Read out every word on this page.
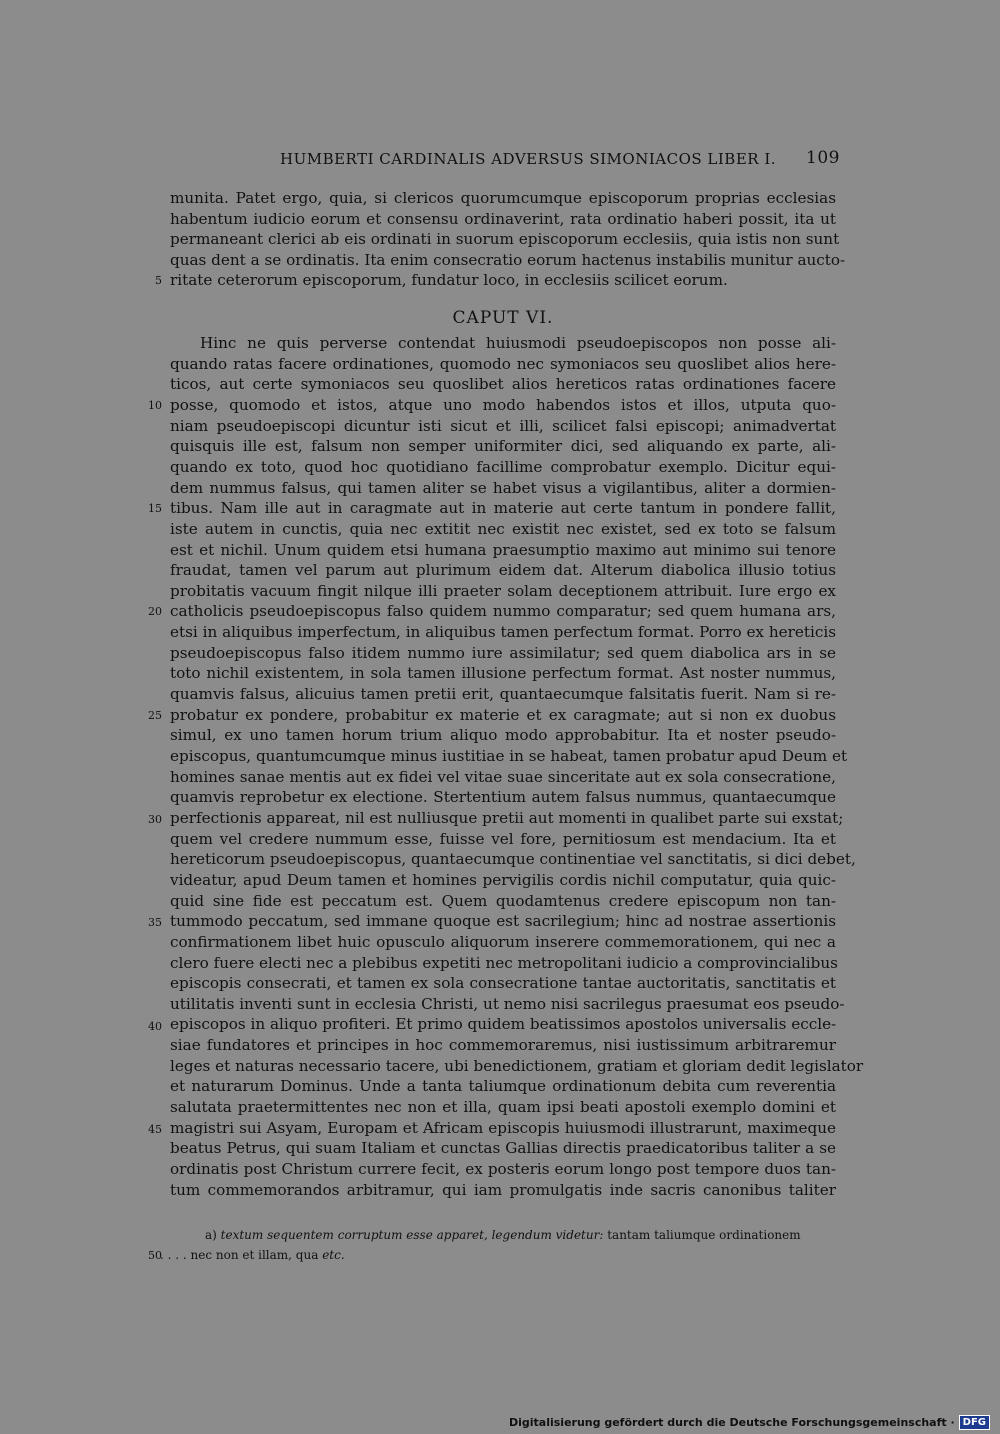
HUMBERTI CARDINALIS ADVERSUS SIMONIACOS LIBER I. 109
munita. Patet ergo, quia, si clericos quorumcumque episcoporum proprias ecclesias
habentum iudicio eorum et consensu ordinaverint, rata ordinatio haberi possit, ita ut
permaneant clerici ab eis ordinati in suorum episcoporum ecclesiis, quia istis non sunt
quas dent a se ordinatis. Ita enim consecratio eorum hactenus instabilis munitur aucto-
ritate ceterorum episcoporum, fundatur loco, in ecclesiis scilicet eorum.
CAPUT VI.
Hinc ne quis perverse contendat huiusmodi pseudoepiscopos non posse ali-
quando ratas facere ordinationes, quomodo nec symoniacos seu quoslibet alios here-
ticos, aut certe symoniacos seu quoslibet alios hereticos ratas ordinationes facere
posse, quomodo et istos, atque uno modo habendos istos et illos, utputa quo-
niam pseudoepiscopi dicuntur isti sicut et illi, scilicet falsi episcopi; animadvertat
quisquis ille est, falsum non semper uniformiter dici, sed aliquando ex parte, ali-
quando ex toto, quod hoc quotidiano facillime comprobatur exemplo. Dicitur equi-
dem nummus falsus, qui tamen aliter se habet visus a vigilantibus, aliter a dormien-
tibus. Nam ille aut in caragmate aut in materie aut certe tantum in pondere fallit,
iste autem in cunctis, quia nec extitit nec existit nec existet, sed ex toto se falsum
est et nichil. Unum quidem etsi humana praesumptio maximo aut minimo sui tenore
fraudat, tamen vel parum aut plurimum eidem dat. Alterum diabolica illusio totius
probitatis vacuum fingit nilque illi praeter solam deceptionem attribuit. Iure ergo ex
catholicis pseudoepiscopus falso quidem nummo comparatur; sed quem humana ars,
etsi in aliquibus imperfectum, in aliquibus tamen perfectum format. Porro ex hereticis
pseudoepiscopus falso itidem nummo iure assimilatur; sed quem diabolica ars in se
toto nichil existentem, in sola tamen illusione perfectum format. Ast noster nummus,
quamvis falsus, alicuius tamen pretii erit, quantaecumque falsitatis fuerit. Nam si re-
probatur ex pondere, probabitur ex materie et ex caragmate; aut si non ex duobus
simul, ex uno tamen horum trium aliquo modo approbabitur. Ita et noster pseudo-
episcopus, quantumcumque minus iustitiae in se habeat, tamen probatur apud Deum et
homines sanae mentis aut ex fidei vel vitae suae sinceritate aut ex sola consecratione,
quamvis reprobetur ex electione. Stertentium autem falsus nummus, quantaecumque
perfectionis appareat, nil est nulliusque pretii aut momenti in qualibet parte sui exstat;
quem vel credere nummum esse, fuisse vel fore, pernitiosum est mendacium. Ita et
hereticorum pseudoepiscopus, quantaecumque continentiae vel sanctitatis, si dici debet,
videatur, apud Deum tamen et homines pervigilis cordis nichil computatur, quia quic-
quid sine fide est peccatum est. Quem quodamtenus credere episcopum non tan-
tummodo peccatum, sed immane quoque est sacrilegium; hinc ad nostrae assertionis
confirmationem libet huic opusculo aliquorum inserere commemorationem, qui nec a
clero fuere electi nec a plebibus expetiti nec metropolitani iudicio a comprovincialibus
episcopis consecrati, et tamen ex sola consecratione tantae auctoritatis, sanctitatis et
utilitatis inventi sunt in ecclesia Christi, ut nemo nisi sacrilegus praesumat eos pseudo-
episcopos in aliquo profiteri. Et primo quidem beatissimos apostolos universalis eccle-
siae fundatores et principes in hoc commemoraremus, nisi iustissimum arbitraremur
leges et naturas necessario tacere, ubi benedictionem, gratiam et gloriam dedit legislator
et naturarum Dominus. Unde a tanta taliumque ordinationum debita cum reverentia
salutata praetermittentes nec non et illa, quam ipsi beati apostoli exemplo domini et
magistri sui Asyam, Europam et Africam episcopis huiusmodi illustrarunt, maximeque
beatus Petrus, qui suam Italiam et cunctas Gallias directis praedicatoribus taliter a se
ordinatis post Christum currere fecit, ex posteris eorum longo post tempore duos tan-
tum commemorandos arbitramur, qui iam promulgatis inde sacris canonibus taliter
5
10
15
20
25
30
35
40
45
50
a) textum sequentem corruptum esse apparet, legendum videtur: tantam taliumque ordinationem
. . . . nec non et illam, qua etc.
Digitalisierung gefördert durch die Deutsche Forschungsgemeinschaft · DFG
